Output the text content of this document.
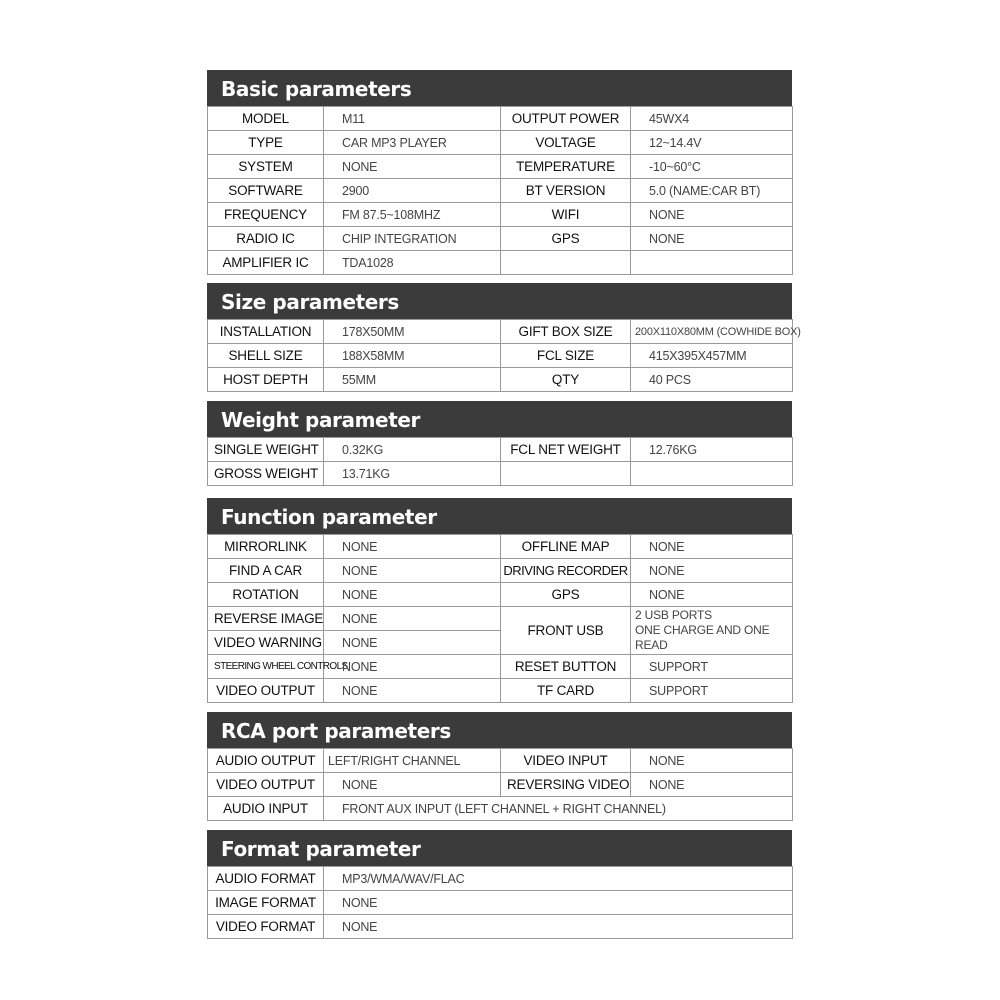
Basic parameters
MODEL	M11	OUTPUT POWER	45WX4
TYPE	CAR MP3 PLAYER	VOLTAGE	12~14.4V
SYSTEM	NONE	TEMPERATURE	-10~60°C
SOFTWARE	2900	BT VERSION	5.0 (NAME:CAR BT)
FREQUENCY	FM 87.5~108MHZ	WIFI	NONE
RADIO IC	CHIP INTEGRATION	GPS	NONE
AMPLIFIER IC	TDA1028		
Size parameters
INSTALLATION	178X50MM	GIFT BOX SIZE	200X110X80MM (COWHIDE BOX)
SHELL SIZE	188X58MM	FCL SIZE	415X395X457MM
HOST DEPTH	55MM	QTY	40 PCS
Weight parameter
SINGLE WEIGHT	0.32KG	FCL NET WEIGHT	12.76KG
GROSS WEIGHT	13.71KG		
Function parameter
MIRRORLINK	NONE	OFFLINE MAP	NONE
FIND A CAR	NONE	DRIVING RECORDER	NONE
ROTATION	NONE	GPS	NONE
REVERSE IMAGE	NONE	FRONT USB	2 USB PORTS
ONE CHARGE AND ONE READ

VIDEO WARNING	NONE		
STEERING WHEEL CONTROLS	NONE	RESET BUTTON	SUPPORT
VIDEO OUTPUT	NONE	TF CARD	SUPPORT
RCA port parameters
AUDIO OUTPUT	LEFT/RIGHT CHANNEL	VIDEO INPUT	NONE
VIDEO OUTPUT	NONE	REVERSING VIDEO	NONE
AUDIO INPUT	FRONT AUX INPUT (LEFT CHANNEL + RIGHT CHANNEL)		
Format parameter
AUDIO FORMAT	MP3/WMA/WAV/FLAC
IMAGE FORMAT	NONE
VIDEO FORMAT	NONE
